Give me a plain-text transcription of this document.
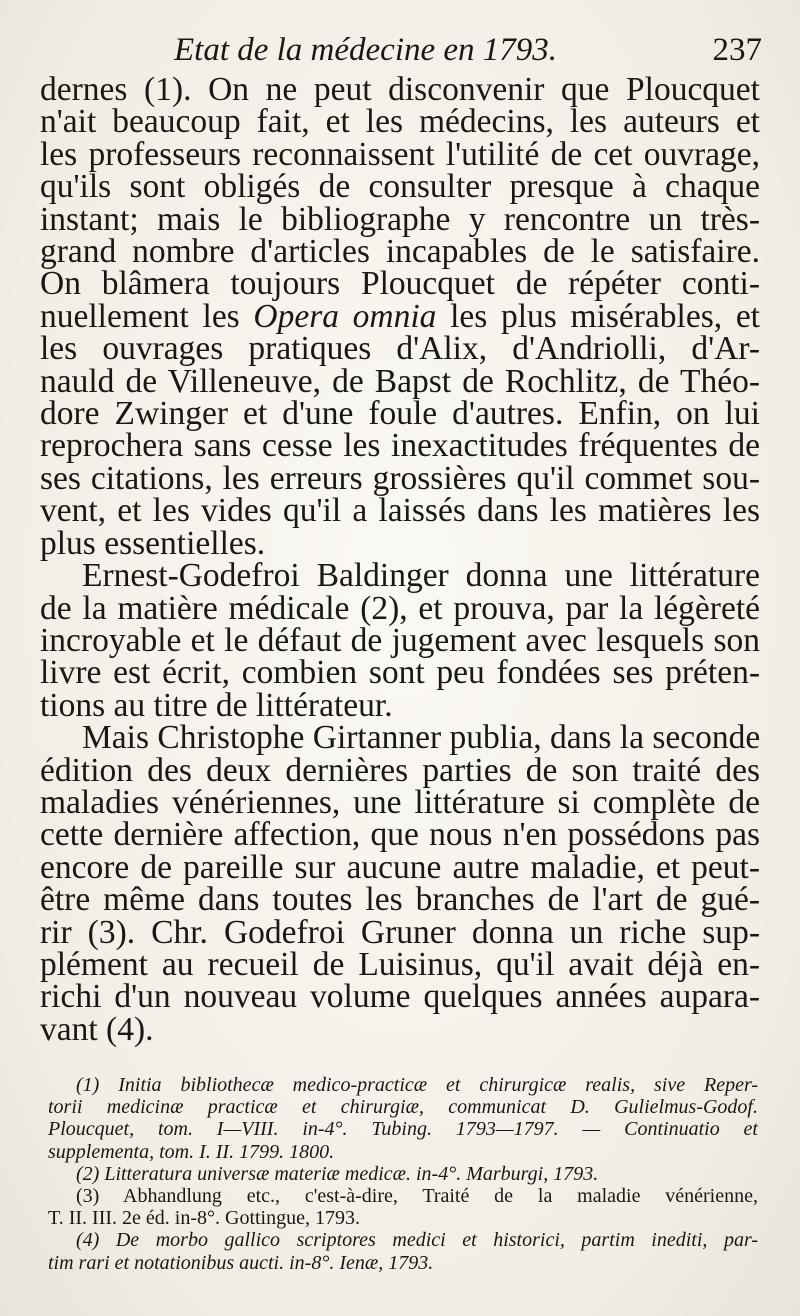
Etat de la médecine en 1793.	237

dernes (1). On ne peut disconvenir que Ploucquet
n'ait beaucoup fait, et les médecins, les auteurs et
les professeurs reconnaissent l'utilité de cet ouvrage,
qu'ils sont obligés de consulter presque à chaque
instant; mais le bibliographe y rencontre un très-
grand nombre d'articles incapables de le satisfaire.
On blâmera toujours Ploucquet de répéter conti-
nuellement les Opera omnia les plus misérables, et
les ouvrages pratiques d'Alix, d'Andriolli, d'Ar-
nauld de Villeneuve, de Bapst de Rochlitz, de Théo-
dore Zwinger et d'une foule d'autres. Enfin, on lui
reprochera sans cesse les inexactitudes fréquentes de
ses citations, les erreurs grossières qu'il commet sou-
vent, et les vides qu'il a laissés dans les matières les
plus essentielles.

Ernest-Godefroi Baldinger donna une littérature
de la matière médicale (2), et prouva, par la légèreté
incroyable et le défaut de jugement avec lesquels son
livre est écrit, combien sont peu fondées ses préten-
tions au titre de littérateur.

Mais Christophe Girtanner publia, dans la seconde
édition des deux dernières parties de son traité des
maladies vénériennes, une littérature si complète de
cette dernière affection, que nous n'en possédons pas
encore de pareille sur aucune autre maladie, et peut-
être même dans toutes les branches de l'art de gué-
rir (3). Chr. Godefroi Gruner donna un riche sup-
plément au recueil de Luisinus, qu'il avait déjà en-
richi d'un nouveau volume quelques années aupara-
vant (4).

(1) Initia bibliothecæ medico-practicæ et chirurgicæ realis, sive Reper-
torii medicinæ practicæ et chirurgiæ, communicat D. Gulielmus-Godof.
Ploucquet, tom. I—VIII. in-4°. Tubing. 1793—1797. — Continuatio et
supplementa, tom. I. II. 1799. 1800.

(2) Litteratura universæ materiæ medicæ. in-4°. Marburgi, 1793.

(3) Abhandlung etc., c'est-à-dire, Traité de la maladie vénérienne,
T. II. III. 2e éd. in-8°. Gottingue, 1793.

(4) De morbo gallico scriptores medici et historici, partim inediti, par-
tim rari et notationibus aucti. in-8°. Ienæ, 1793.
